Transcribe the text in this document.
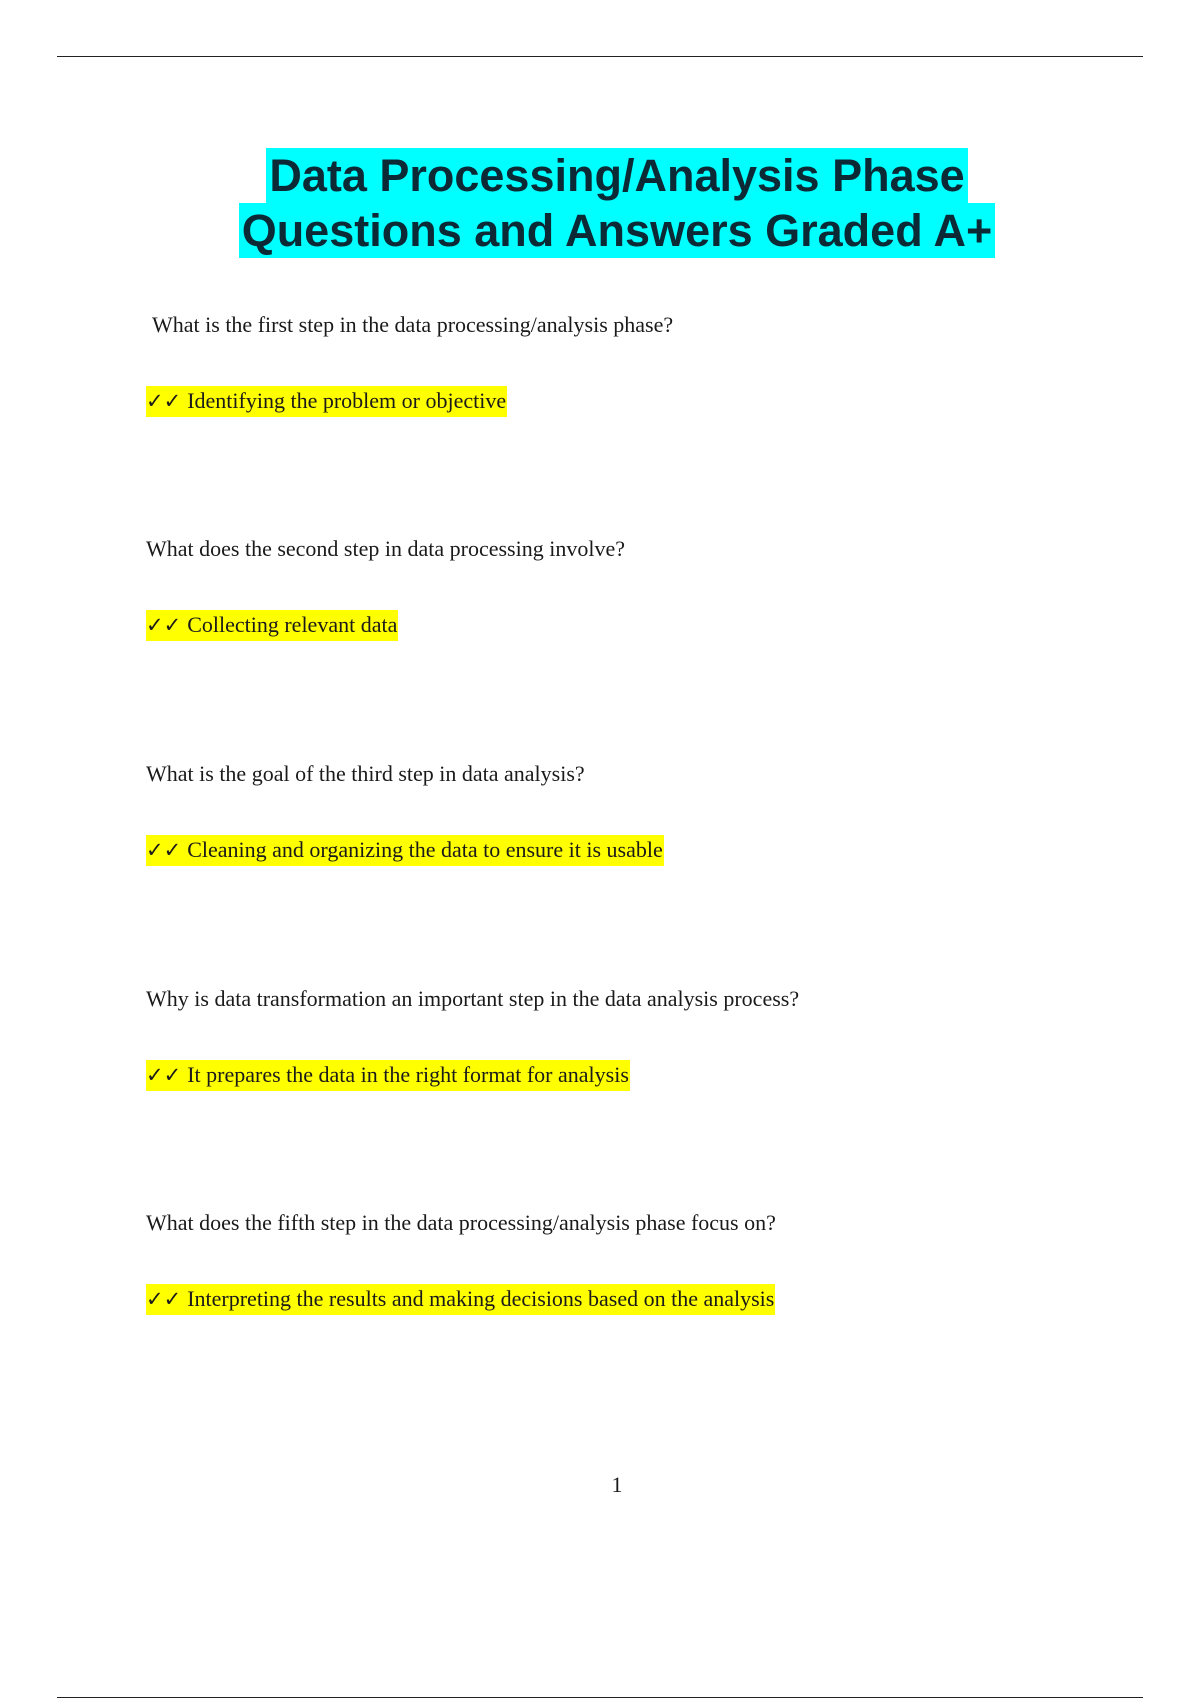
Data Processing/Analysis Phase
Questions and Answers Graded A+
What is the first step in the data processing/analysis phase?
✓✓ Identifying the problem or objective
What does the second step in data processing involve?
✓✓ Collecting relevant data
What is the goal of the third step in data analysis?
✓✓ Cleaning and organizing the data to ensure it is usable
Why is data transformation an important step in the data analysis process?
✓✓ It prepares the data in the right format for analysis
What does the fifth step in the data processing/analysis phase focus on?
✓✓ Interpreting the results and making decisions based on the analysis
1
